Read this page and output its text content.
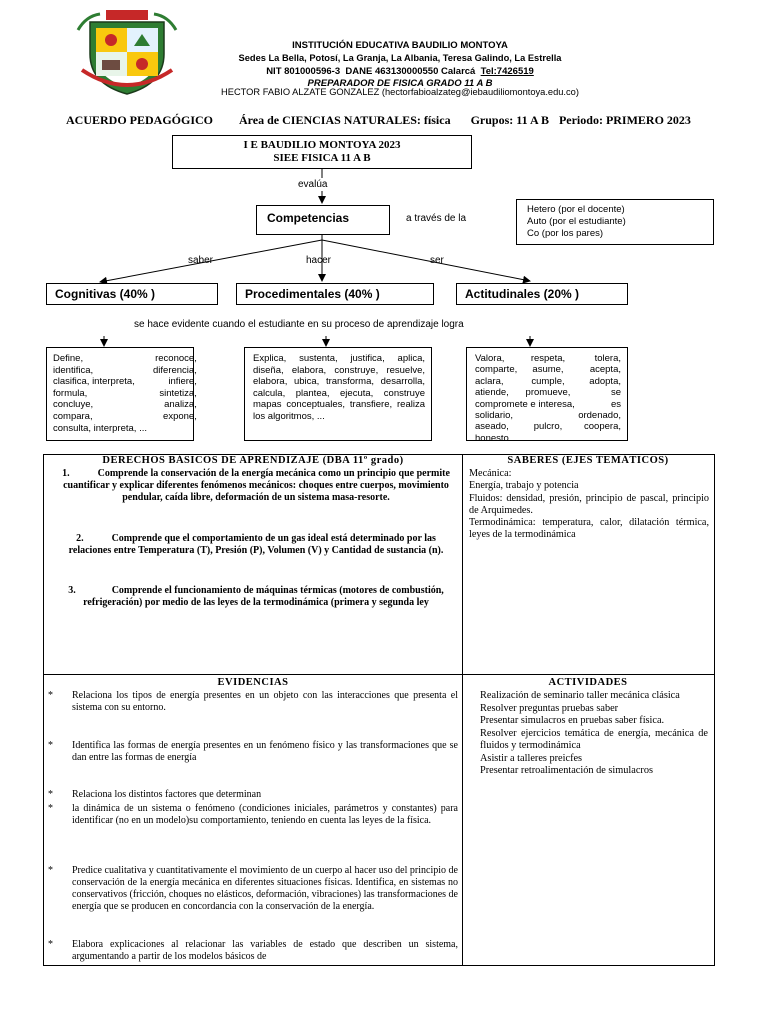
INSTITUCIÓN EDUCATIVA BAUDILIO MONTOYA
Sedes La Bella, Potosí, La Granja, La Albania, Teresa Galindo, La Estrella
NIT 801000596-3  DANE 463130000550 Calarcá  Tel:7426519
PREPARADOR DE FISICA GRADO 11 A B
HECTOR FABIO ALZATE GONZALEZ (hectorfabioalzateg@iebaudiliomontoya.edu.co)
ACUERDO PEDAGÓGICO Área de CIENCIAS NATURALES: física Grupos: 11 A B Periodo: PRIMERO 2023
I E BAUDILIO MONTOYA 2023
SIEE FISICA 11 A B
evalúa
Competencias	a través de la
Hetero (por el docente)
Auto (por el estudiante)
Co (por los pares)
saber	hacer	ser
Cognitivas (40% )	Procedimentales (40% )	Actitudinales (20% )
se hace evidente cuando el estudiante en su proceso de aprendizaje logra
Define,	reconoce,
identifica,	diferencia,
clasifica, interpreta,	infiere,
formula,	sintetiza,
concluye,	analiza,
compara,	expone,
consulta, interpreta, ...
Explica, sustenta, justifica, aplica, diseña, elabora, construye, resuelve, elabora, ubica, transforma, desarrolla, calcula, plantea, ejecuta, construye mapas conceptuales, transfiere, realiza los algoritmos, ...
Valora,	respeta,	tolera,
comparte,	asume,	acepta,
aclara,	cumple,	adopta,
atiende,	promueve,	se
compromete e interesa,	es
solidario,	ordenado,
aseado,	pulcro,	coopera,
honesto
DERECHOS BÁSICOS DE APRENDIZAJE (DBA 11º grado)
1.	Comprende la conservación de la energía mecánica como un principio que permite cuantificar y explicar diferentes fenómenos mecánicos: choques entre cuerpos, movimiento pendular, caída libre, deformación de un sistema masa-resorte.
2.	Comprende que el comportamiento de un gas ideal está determinado por las relaciones entre Temperatura (T), Presión (P), Volumen (V) y Cantidad de sustancia (n).
3.	Comprende el funcionamiento de máquinas térmicas (motores de combustión, refrigeración) por medio de las leyes de la termodinámica (primera y segunda ley
SABERES (EJES TEMÁTICOS)
Mecánica:
Energía, trabajo y potencia
Fluidos: densidad, presión, principio de pascal, principio de Arquimedes.
Termodinámica: temperatura, calor, dilatación térmica, leyes de la termodinámica
EVIDENCIAS
* Relaciona los tipos de energía presentes en un objeto con las interacciones que presenta el sistema con su entorno.
* Identifica las formas de energía presentes en un fenómeno físico y las transformaciones que se dan entre las formas de energía
* Relaciona los distintos factores que determinan
* la dinámica de un sistema o fenómeno (condiciones iniciales, parámetros y constantes) para identificar (no en un modelo)su comportamiento, teniendo en cuenta las leyes de la física.
* Predice cualitativa y cuantitativamente el movimiento de un cuerpo al hacer uso del principio de conservación de la energía mecánica en diferentes situaciones físicas. Identifica, en sistemas no conservativos (fricción, choques no elásticos, deformación, vibraciones) las transformaciones de energía que se producen en concordancia con la conservación de la energía.
* Elabora explicaciones al relacionar las variables de estado que describen un sistema, argumentando a partir de los modelos básicos de
ACTIVIDADES
Realización de seminario taller mecánica clásica
Resolver preguntas pruebas saber
Presentar simulacros en pruebas saber física.
Resolver ejercicios temática de energía, mecánica de fluidos y termodinámica
Asistir a talleres preicfes
Presentar retroalimentación de simulacros
